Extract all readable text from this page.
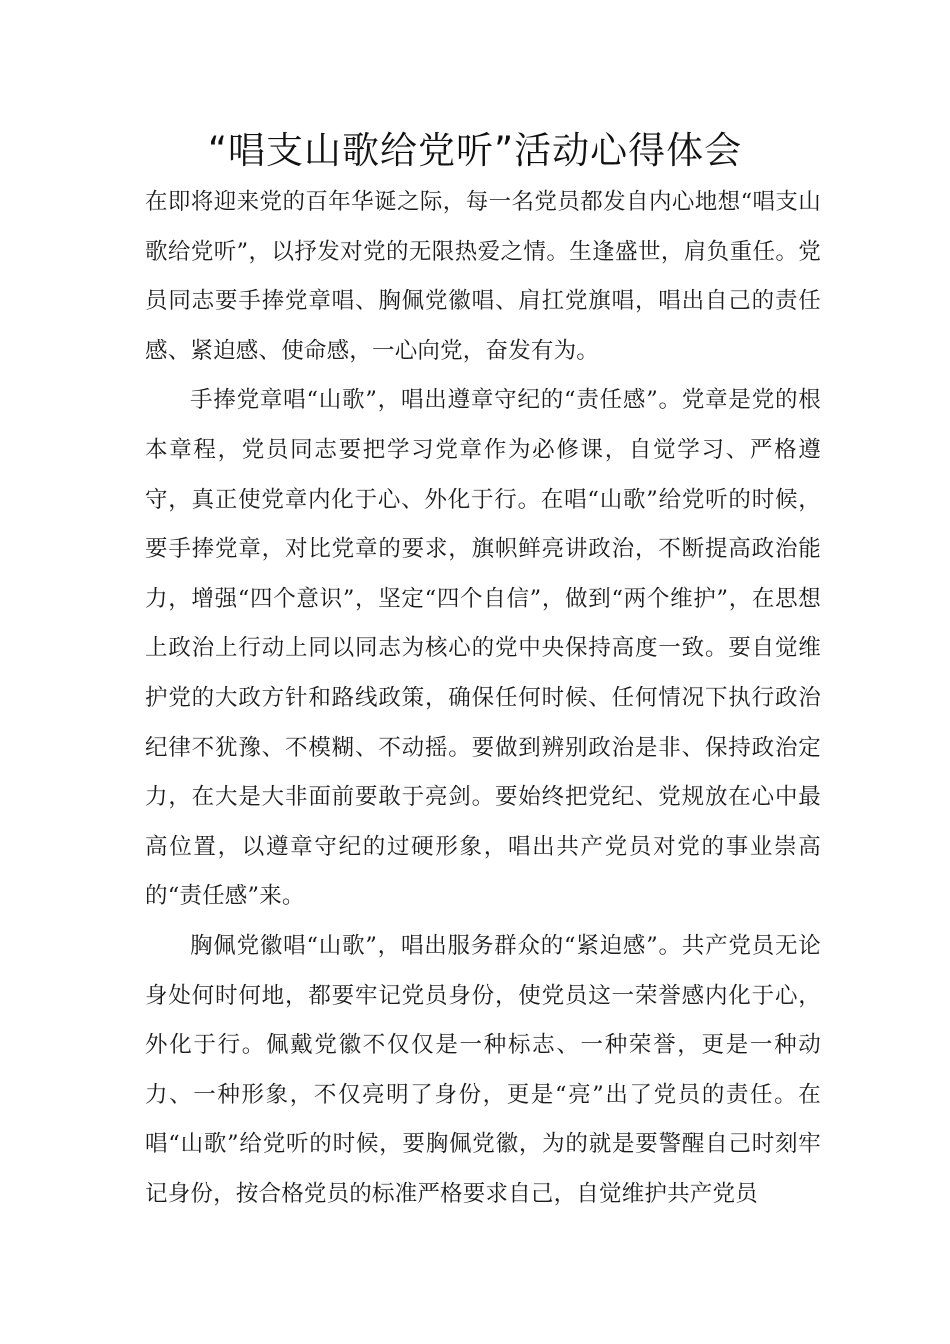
“唱支山歌给党听”活动心得体会

在即将迎来党的百年华诞之际，每一名党员都发自内心地想“唱支山歌给党听”，以抒发对党的无限热爱之情。生逢盛世，肩负重任。党员同志要手捧党章唱、胸佩党徽唱、肩扛党旗唱，唱出自己的责任感、紧迫感、使命感，一心向党，奋发有为。

手捧党章唱“山歌”，唱出遵章守纪的“责任感”。党章是党的根本章程，党员同志要把学习党章作为必修课，自觉学习、严格遵守，真正使党章内化于心、外化于行。在唱“山歌”给党听的时候，要手捧党章，对比党章的要求，旗帜鲜亮讲政治，不断提高政治能力，增强“四个意识”，坚定“四个自信”，做到“两个维护”，在思想上政治上行动上同以同志为核心的党中央保持高度一致。要自觉维护党的大政方针和路线政策，确保任何时候、任何情况下执行政治纪律不犹豫、不模糊、不动摇。要做到辨别政治是非、保持政治定力，在大是大非面前要敢于亮剑。要始终把党纪、党规放在心中最高位置，以遵章守纪的过硬形象，唱出共产党员对党的事业崇高的“责任感”来。

胸佩党徽唱“山歌”，唱出服务群众的“紧迫感”。共产党员无论身处何时何地，都要牢记党员身份，使党员这一荣誉感内化于心，外化于行。佩戴党徽不仅仅是一种标志、一种荣誉，更是一种动力、一种形象，不仅亮明了身份，更是“亮”出了党员的责任。在唱“山歌”给党听的时候，要胸佩党徽，为的就是要警醒自己时刻牢记身份，按合格党员的标准严格要求自己，自觉维护共产党员
